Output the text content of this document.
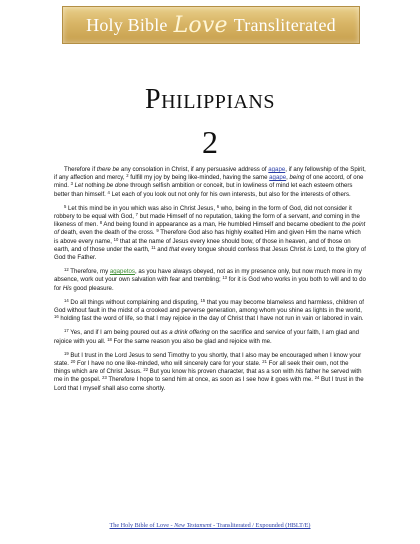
Holy Bible Love Transliterated
Philippians
2

Therefore if there be any consolation in Christ, if any persuasive address of agape, if any fellowship of the Spirit, if any affection and mercy, $^2$ fulfill my joy by being like-minded, having the same agape, being of one accord, of one mind. $^3$ Let nothing be done through selfish ambition or conceit, but in lowliness of mind let each esteem others better than himself. $^4$ Let each of you look out not only for his own interests, but also for the interests of others.

$^5$ Let this mind be in you which was also in Christ Jesus, $^6$ who, being in the form of God, did not consider it robbery to be equal with God, $^7$ but made Himself of no reputation, taking the form of a servant, and coming in the likeness of men. $^8$ And being found in appearance as a man, He humbled Himself and became obedient to the point of death, even the death of the cross. $^9$ Therefore God also has highly exalted Him and given Him the name which is above every name, $^{10}$ that at the name of Jesus every knee should bow, of those in heaven, and of those on earth, and of those under the earth, $^{11}$ and that every tongue should confess that Jesus Christ is Lord, to the glory of God the Father.

$^{12}$ Therefore, my agapetos, as you have always obeyed, not as in my presence only, but now much more in my absence, work out your own salvation with fear and trembling; $^{13}$ for it is God who works in you both to will and to do for His good pleasure.

$^{14}$ Do all things without complaining and disputing, $^{15}$ that you may become blameless and harmless, children of God without fault in the midst of a crooked and perverse generation, among whom you shine as lights in the world, $^{16}$ holding fast the word of life, so that I may rejoice in the day of Christ that I have not run in vain or labored in vain.

$^{17}$ Yes, and if I am being poured out as a drink offering on the sacrifice and service of your faith, I am glad and rejoice with you all. $^{18}$ For the same reason you also be glad and rejoice with me.

$^{19}$ But I trust in the Lord Jesus to send Timothy to you shortly, that I also may be encouraged when I know your state. $^{20}$ For I have no one like-minded, who will sincerely care for your state. $^{21}$ For all seek their own, not the things which are of Christ Jesus. $^{22}$ But you know his proven character, that as a son with his father he served with me in the gospel. $^{23}$ Therefore I hope to send him at once, as soon as I see how it goes with me. $^{24}$ But I trust in the Lord that I myself shall also come shortly.

The Holy Bible of Love - New Testament - Transliterated / Expounded (HBLT/E)
